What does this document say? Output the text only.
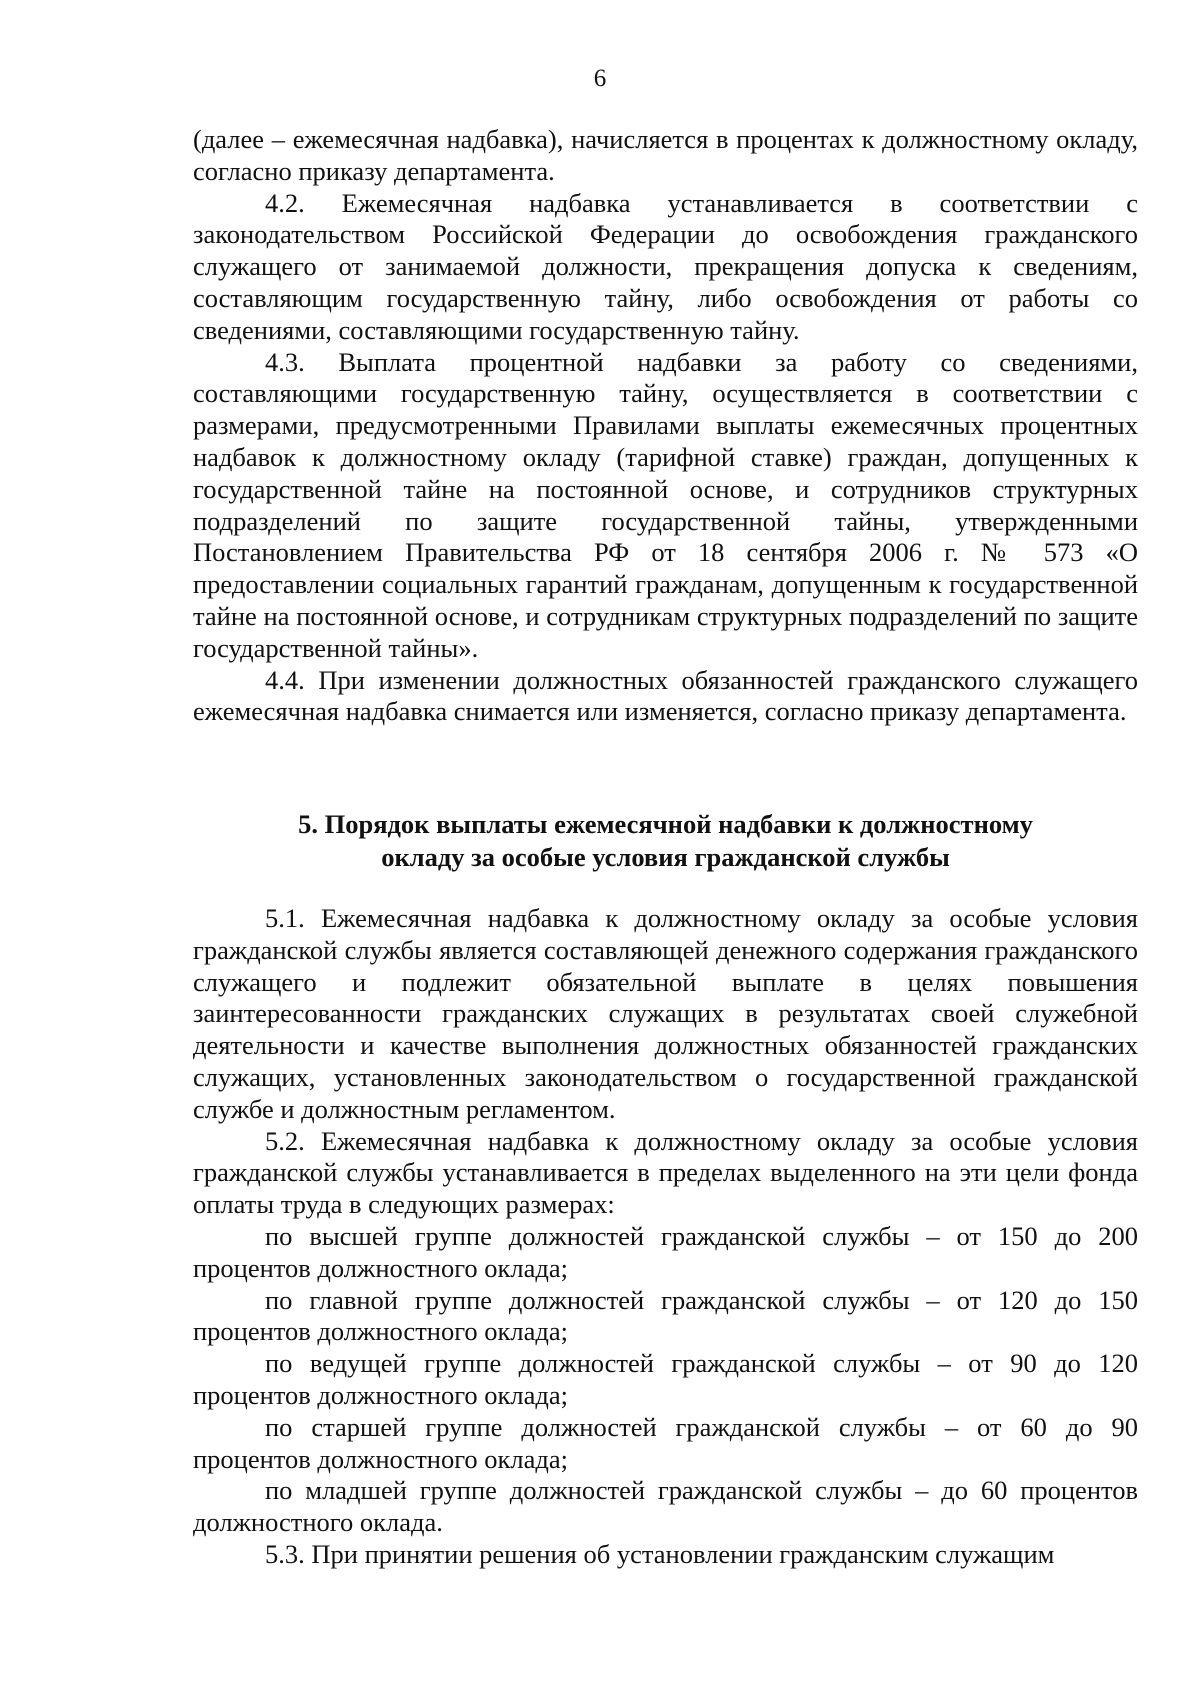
6

(далее – ежемесячная надбавка), начисляется в процентах к должностному окладу, согласно приказу департамента.

4.2. Ежемесячная надбавка устанавливается в соответствии с законодательством Российской Федерации до освобождения гражданского служащего от занимаемой должности, прекращения допуска к сведениям, составляющим государственную тайну, либо освобождения от работы со сведениями, составляющими государственную тайну.

4.3. Выплата процентной надбавки за работу со сведениями, составляющими государственную тайну, осуществляется в соответствии с размерами, предусмотренными Правилами выплаты ежемесячных процентных надбавок к должностному окладу (тарифной ставке) граждан, допущенных к государственной тайне на постоянной основе, и сотрудников структурных подразделений по защите государственной тайны, утвержденными Постановлением Правительства РФ от 18 сентября 2006 г. № 573 «О предоставлении социальных гарантий гражданам, допущенным к государственной тайне на постоянной основе, и сотрудникам структурных подразделений по защите государственной тайны».

4.4. При изменении должностных обязанностей гражданского служащего ежемесячная надбавка снимается или изменяется, согласно приказу департамента.

5. Порядок выплаты ежемесячной надбавки к должностному
окладу за особые условия гражданской службы

5.1. Ежемесячная надбавка к должностному окладу за особые условия гражданской службы является составляющей денежного содержания гражданского служащего и подлежит обязательной выплате в целях повышения заинтересованности гражданских служащих в результатах своей служебной деятельности и качестве выполнения должностных обязанностей гражданских служащих, установленных законодательством о государственной гражданской службе и должностным регламентом.

5.2. Ежемесячная надбавка к должностному окладу за особые условия гражданской службы устанавливается в пределах выделенного на эти цели фонда оплаты труда в следующих размерах:

по высшей группе должностей гражданской службы – от 150 до 200 процентов должностного оклада;

по главной группе должностей гражданской службы – от 120 до 150 процентов должностного оклада;

по ведущей группе должностей гражданской службы – от 90 до 120 процентов должностного оклада;

по старшей группе должностей гражданской службы – от 60 до 90 процентов должностного оклада;

по младшей группе должностей гражданской службы – до 60 процентов должностного оклада.

5.3. При принятии решения об установлении гражданским служащим
